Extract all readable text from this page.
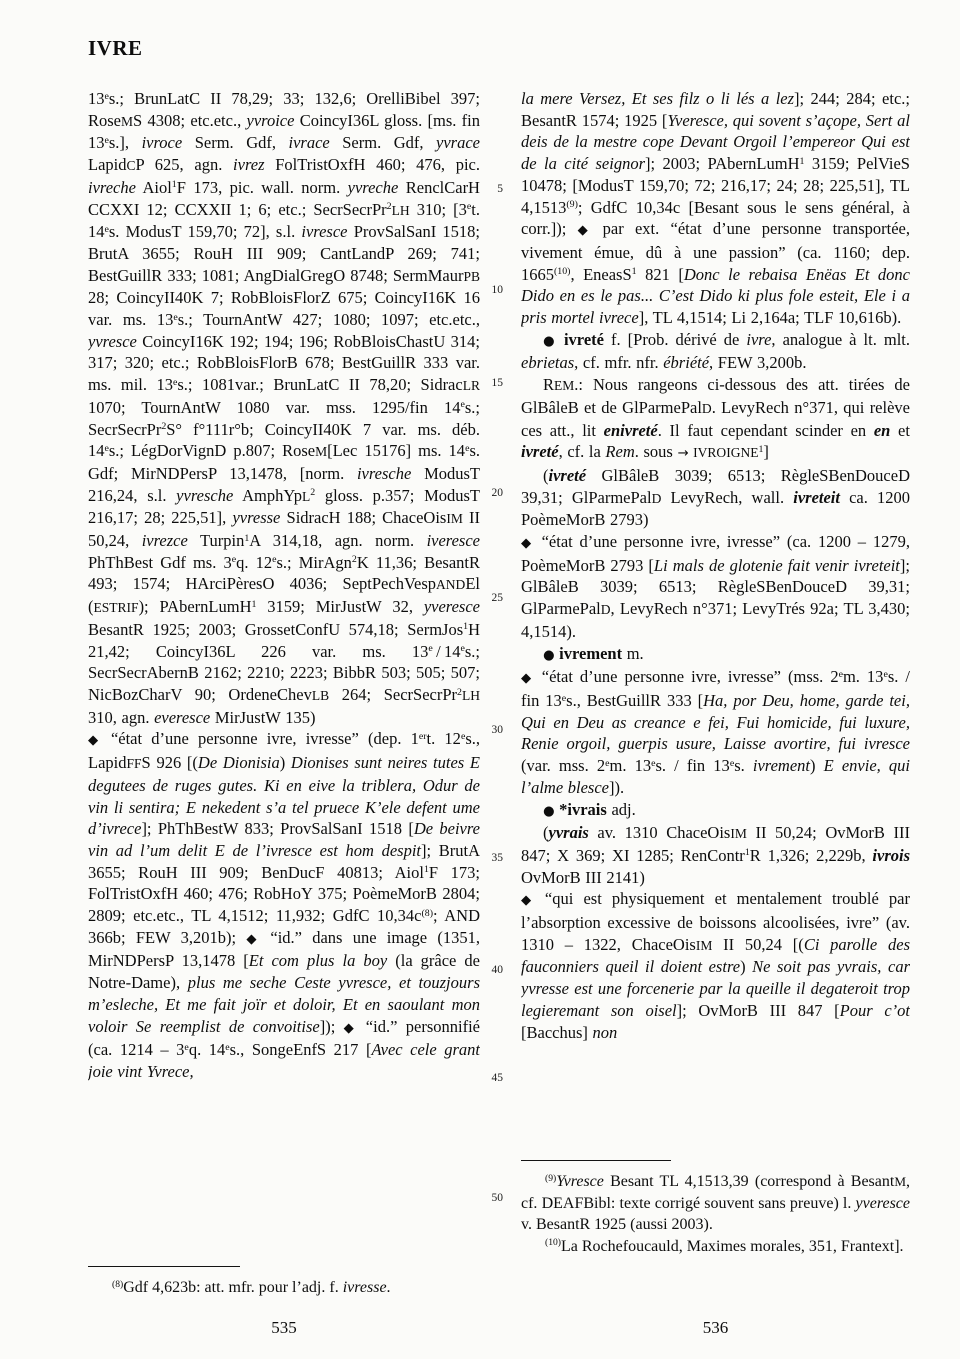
IVRE

13es.; BrunLatC II 78,29; 33; 132,6; OrelliBibel 397; RoseMS 4308; etc.etc., yvroice CoincyI36L gloss. [ms. fin 13es.], ivroce Serm. Gdf, ivrace Serm. Gdf, yvrace LapidCP 625, agn. ivrez FolTristOxfH 460; 476, pic. ivreche Aiol$^1$F 173, pic. wall. norm. yvreche RenclCarH CCXXI 12; CCXXII 1; 6; etc.; SecrSecrPr$^2$LH 310; [3et. 14es. ModusT 159,70; 72], s.l. ivresce ProvSalSanI 1518; BrutA 3655; RouH III 909; CantLandP 269; 741; BestGuillR 333; 1081; AngDialGregO 8748; SermMaurPB 28; CoincyII40K 7; RobBloisFlorZ 675; CoincyI16K 16 var. ms. 13es.; TournAntW 427; 1080; 1097; etc.etc., yvresce CoincyI16K 192; 194; 196; RobBloisChastU 314; 317; 320; etc.; RobBloisFlorB 678; BestGuillR 333 var. ms. mil. 13es.; 1081var.; BrunLatC II 78,20; SidracLR 1070; TournAntW 1080 var. mss. 1295/fin 14es.; SecrSecrPr$^2$S° f°111r°b; CoincyII40K 7 var. ms. déb. 14es.; LégDorVignD p.807; RoseM[Lec 15176] ms. 14es. Gdf; MirNDPersP 13,1478, [norm. ivresche ModusT 216,24, s.l. yvresche AmphYpL$^2$ gloss. p.357; ModusT 216,17; 28; 225,51], yvresse SidracH 188; ChaceOisIM II 50,24, ivrezce Turpin$^1$A 314,18, agn. norm. iveresce PhThBest Gdf ms. 3eq. 12es.; MirAgn$^2$K 11,36; BesantR 493; 1574; HArciPèresO 4036; SeptPechVespANDEl (ESTRIF); PAbernLumH$^1$ 3159; MirJustW 32, yveresce BesantR 1925; 2003; GrossetConfU 574,18; SermJos$^1$H 21,42; CoincyI36L 226 var. ms. 13e / 14es.; SecrSecrAbernB 2162; 2210; 2223; BibbR 503; 505; 507; NicBozCharV 90; OrdeneChevLB 264; SecrSecrPr$^2$LH 310, agn. everesce MirJustW 135)

◆ “état d’une personne ivre, ivresse” (dep. 1ert. 12es., LapidFFS 926 [(De Dionisia) Dionises sunt neires tutes E degutees de ruges gutes. Ki en eive la triblera, Odur de vin li sentira; E nekedent s’a tel pruece K’ele defent ume d’ivrece]; PhThBestW 833; ProvSalSanI 1518 [De beivre vin ad l’um delit E de l’ivresce est hom despit]; BrutA 3655; RouH III 909; BenDucF 40813; Aiol$^1$F 173; FolTristOxfH 460; 476; RobHoY 375; PoèmeMorB 2804; 2809; etc.etc., TL 4,1512; 11,932; GdfC $10,34c^{(8)}$; AND 366b; FEW 3,201b); ◆ “id.” dans une image (1351, MirNDPersP 13,1478 [Et com plus la boy (la grâce de Notre-Dame), plus me seche Ceste yvresce, et touzjours m’esleche, Et me fait joïr et doloir, Et en saoulant mon voloir Se reemplist de convoitise]); ◆ “id.” personnifié (ca. 1214 – 3eq. 14es., SongeEnfS 217 [Avec cele grant joie vint Yvrece,

la mere Versez, Et ses filz o li lés a lez]; 244; 284; etc.; BesantR 1574; 1925 [Yveresce, qui sovent s’açope, Sert al deis de la mestre cope Devant Orgoil l’empereor Qui est de la cité seignor]; 2003; PAbernLumH$^1$ 3159; PelVieS 10478; [ModusT 159,70; 72; 216,17; 24; 28; 225,51], TL 4,1513$^{(9)}$; GdfC 10,34c [Besant sous le sens général, à corr.]); ◆ par ext. “état d’une personne transportée, vivement émue, dû à une passion” (ca. 1160; dep. 1665$^{(10)}$, EneasS$^1$ 821 [Donc le rebaisa Enëas Et donc Dido en es le pas... C’est Dido ki plus fole esteit, Ele i a pris mortel ivrece], TL 4,1514; Li 2,164a; TLF 10,616b).

● ivreté f. [Prob. dérivé de ivre, analogue à lt. mlt. ebrietas, cf. mfr. nfr. ébriété, FEW 3,200b.

REM.: Nous rangeons ci-dessous des att. tirées de GlBâleB et de GlParmePalD. LevyRech n°371, qui relève ces att., lit enivreté. Il faut cependant scinder en en et ivreté, cf. la Rem. sous → $IVROIGNE^1$]

(ivreté GlBâleB 3039; 6513; RègleSBenDouceD 39,31; GlParmePalD LevyRech, wall. ivreteit ca. 1200 PoèmeMorB 2793)

◆ “état d’une personne ivre, ivresse” (ca. 1200 – 1279, PoèmeMorB 2793 [Li mals de glotenie fait venir ivreteit]; GlBâleB 3039; 6513; RègleSBenDouceD 39,31; GlParmePalD, LevyRech n°371; LevyTrés 92a; TL 3,430; 4,1514).

● ivrement m.

◆ “état d’une personne ivre, ivresse” (mss. 2em. 13es. / fin 13es., BestGuillR 333 [Ha, por Deu, home, garde tei, Qui en Deu as creance e fei, Fui homicide, fui luxure, Renie orgoil, guerpis usure, Laisse avortire, fui ivresce (var. mss. 2em. 13es. / fin 13es. ivrement) E envie, qui l’alme blesce]).

● *ivrais adj.

(yvrais av. 1310 ChaceOisIM II 50,24; OvMorB III 847; X 369; XI 1285; RenContr$^1$R 1,326; 2,229b, ivrois OvMorB III 2141)

◆ “qui est physiquement et mentalement troublé par l’absorption excessive de boissons alcoolisées, ivre” (av. 1310 – 1322, ChaceOisIM II 50,24 [(Ci parolle des fauconniers queil il doient estre) Ne soit pas yvrais, car yvresse est une forcenerie par la queille il degateroit trop legieremant son oisel]; OvMorB III 847 [Pour c’ot [Bacchus] non

5
10
15
20
25
30
35
40
45
50

$^{(8)}$Gdf 4,623b: att. mfr. pour l’adj. f. ivresse.

$^{(9)}$Yvresce Besant TL 4,1513,39 (correspond à BesantM, cf. DEAFBibl: texte corrigé souvent sans preuve) l. yveresce v. BesantR 1925 (aussi 2003).

$^{(10)}$La Rochefoucauld, Maximes morales, 351, Frantext].

535	536
